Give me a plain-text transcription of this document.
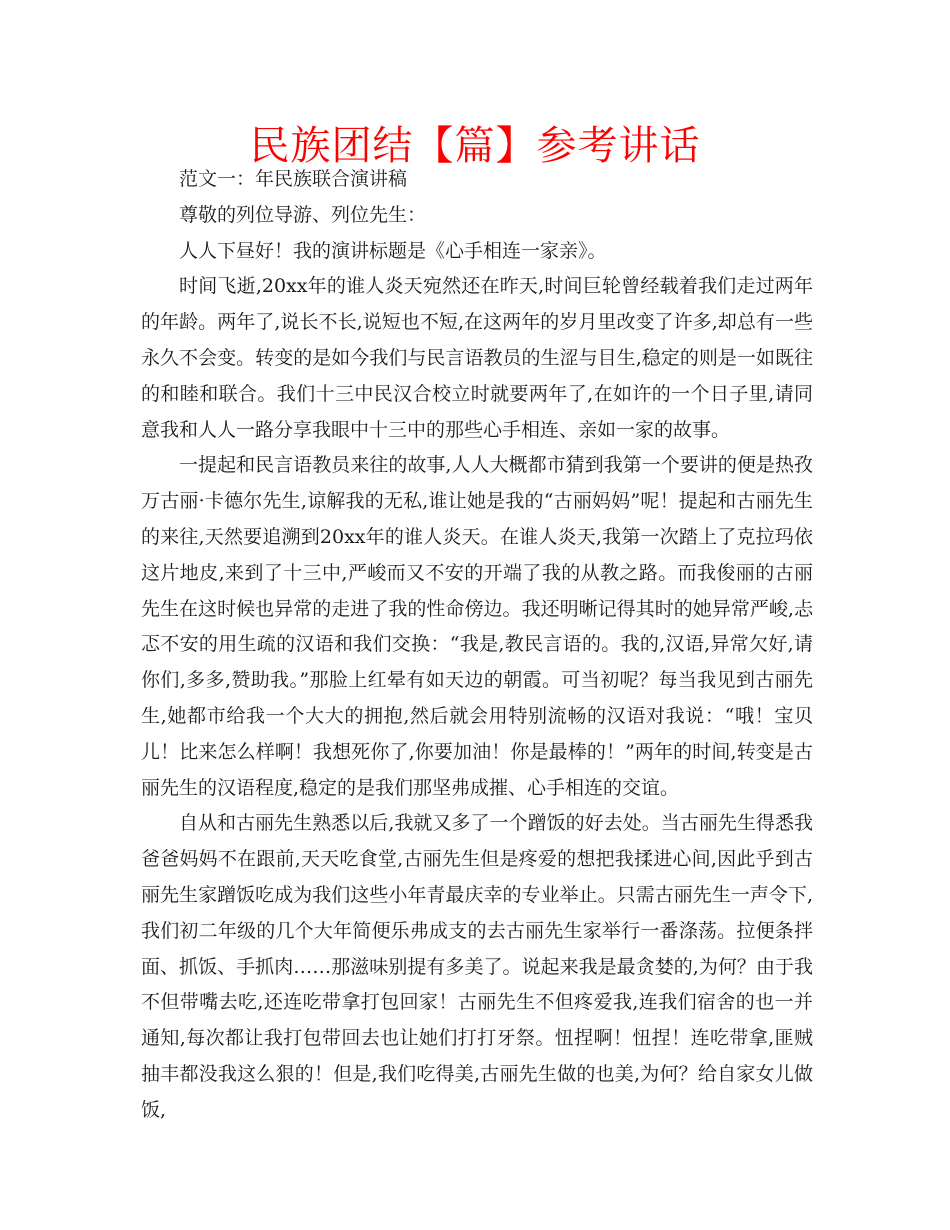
民族团结【篇】参考讲话

范文一：年民族联合演讲稿

尊敬的列位导游、列位先生：

人人下昼好！我的演讲标题是《心手相连一家亲》。

时间飞逝,20xx年的谁人炎天宛然还在昨天,时间巨轮曾经载着我们走过两年的年龄。两年了,说长不长,说短也不短,在这两年的岁月里改变了许多,却总有一些永久不会变。转变的是如今我们与民言语教员的生涩与目生,稳定的则是一如既往的和睦和联合。我们十三中民汉合校立时就要两年了,在如许的一个日子里,请同意我和人人一路分享我眼中十三中的那些心手相连、亲如一家的故事。

一提起和民言语教员来往的故事,人人大概都市猜到我第一个要讲的便是热孜万古丽·卡德尔先生,谅解我的无私,谁让她是我的“古丽妈妈”呢！提起和古丽先生的来往,天然要追溯到20xx年的谁人炎天。在谁人炎天,我第一次踏上了克拉玛依这片地皮,来到了十三中,严峻而又不安的开端了我的从教之路。而我俊丽的古丽先生在这时候也异常的走进了我的性命傍边。我还明晰记得其时的她异常严峻,忐忑不安的用生疏的汉语和我们交换：“我是,教民言语的。我的,汉语,异常欠好,请你们,多多,赞助我。”那脸上红晕有如天边的朝霞。可当初呢？每当我见到古丽先生,她都市给我一个大大的拥抱,然后就会用特别流畅的汉语对我说：“哦！宝贝儿！比来怎么样啊！我想死你了,你要加油！你是最棒的！”两年的时间,转变是古丽先生的汉语程度,稳定的是我们那坚弗成摧、心手相连的交谊。

自从和古丽先生熟悉以后,我就又多了一个蹭饭的好去处。当古丽先生得悉我爸爸妈妈不在跟前,天天吃食堂,古丽先生但是疼爱的想把我揉进心间,因此乎到古丽先生家蹭饭吃成为我们这些小年青最庆幸的专业举止。只需古丽先生一声令下,我们初二年级的几个大年简便乐弗成支的去古丽先生家举行一番涤荡。拉便条拌面、抓饭、手抓肉……那滋味别提有多美了。说起来我是最贪婪的,为何？由于我不但带嘴去吃,还连吃带拿打包回家！古丽先生不但疼爱我,连我们宿舍的也一并通知,每次都让我打包带回去也让她们打打牙祭。忸捏啊！忸捏！连吃带拿,匪贼抽丰都没我这么狠的！但是,我们吃得美,古丽先生做的也美,为何？给自家女儿做饭,
